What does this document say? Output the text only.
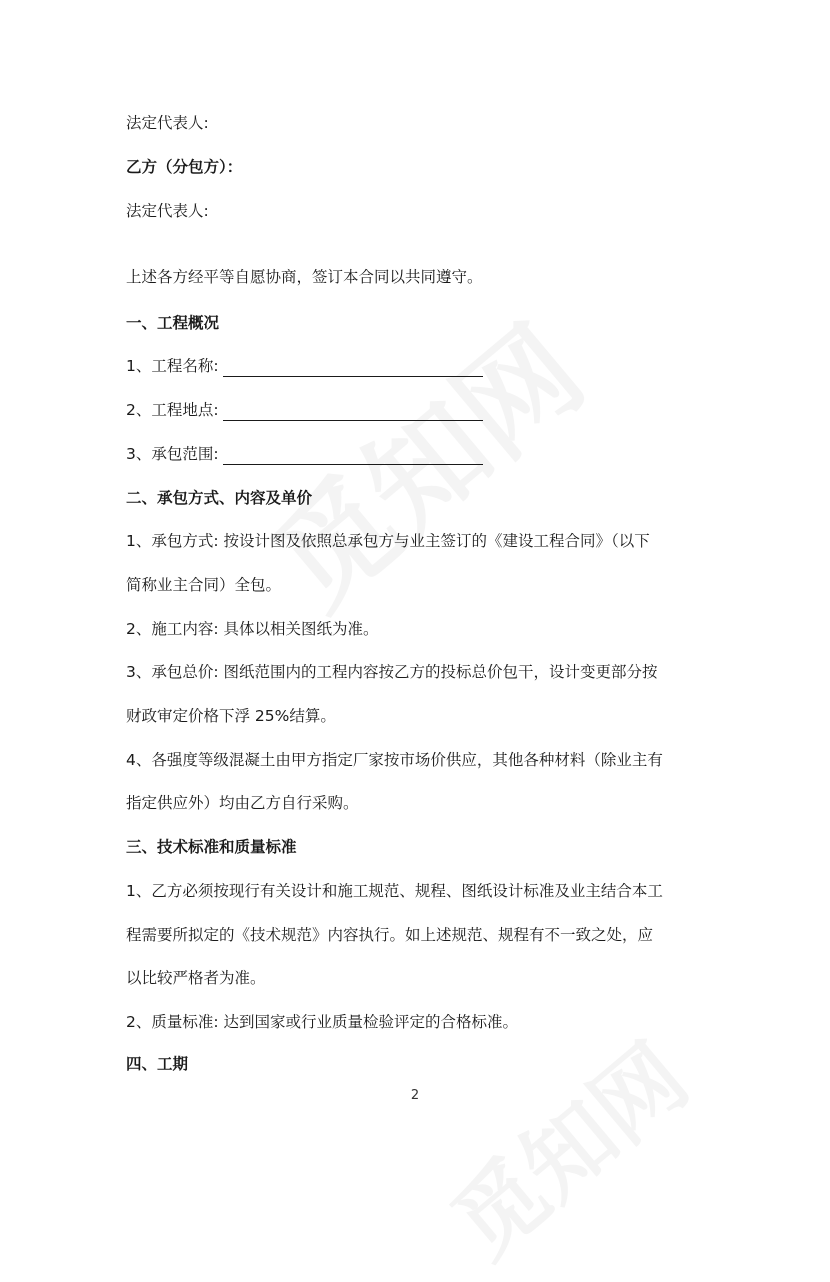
法定代表人:
乙方（分包方）：
法定代表人:
上述各方经平等自愿协商，签订本合同以共同遵守。
一、工程概况
1、工程名称:
2、工程地点:
3、承包范围:
二、承包方式、内容及单价
1、承包方式: 按设计图及依照总承包方与业主签订的《建设工程合同》（以下
简称业主合同）全包。
2、施工内容: 具体以相关图纸为准。
3、承包总价: 图纸范围内的工程内容按乙方的投标总价包干，设计变更部分按
财政审定价格下浮 25%结算。
4、各强度等级混凝土由甲方指定厂家按市场价供应，其他各种材料（除业主有
指定供应外）均由乙方自行采购。
三、技术标准和质量标准
1、乙方必须按现行有关设计和施工规范、规程、图纸设计标准及业主结合本工
程需要所拟定的《技术规范》内容执行。如上述规范、规程有不一致之处，应
以比较严格者为准。
2、质量标准: 达到国家或行业质量检验评定的合格标准。
四、工期
2
